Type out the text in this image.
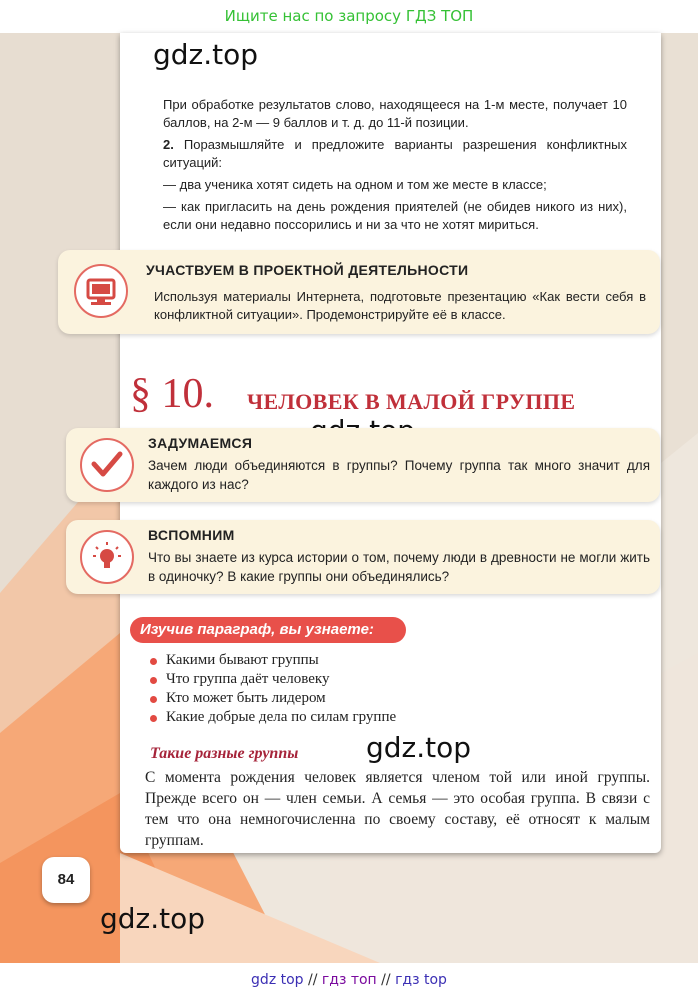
Ищите нас по запросу ГДЗ ТОП
gdz.top
При обработке результатов слово, находящееся на 1-м месте, получает 10 баллов, на 2-м — 9 баллов и т. д. до 11-й позиции.
2. Поразмышляйте и предложите варианты разрешения конфликтных ситуаций:
— два ученика хотят сидеть на одном и том же месте в классе;
— как пригласить на день рождения приятелей (не обидев никого из них), если они недавно поссорились и ни за что не хотят мириться.
УЧАСТВУЕМ В ПРОЕКТНОЙ ДЕЯТЕЛЬНОСТИ
Используя материалы Интернета, подготовьте презентацию «Как вести себя в конфликтной ситуации». Продемонстрируйте её в классе.
§ 10. ЧЕЛОВЕК В МАЛОЙ ГРУППЕ
ЗАДУМАЕМСЯ
Зачем люди объединяются в группы? Почему группа так много значит для каждого из нас?
ВСПОМНИМ
Что вы знаете из курса истории о том, почему люди в древности не могли жить в одиночку? В какие группы они объединялись?
Изучив параграф, вы узнаете:
Какими бывают группы
Что группа даёт человеку
Кто может быть лидером
Какие добрые дела по силам группе
Такие разные группы gdz.top
С момента рождения человек является членом той или иной группы. Прежде всего он — член семьи. А семья — это особая группа. В связи с тем что она немногочисленна по своему составу, её относят к малым группам.
84
gdz.top
gdz top // гдз топ // гдз top
